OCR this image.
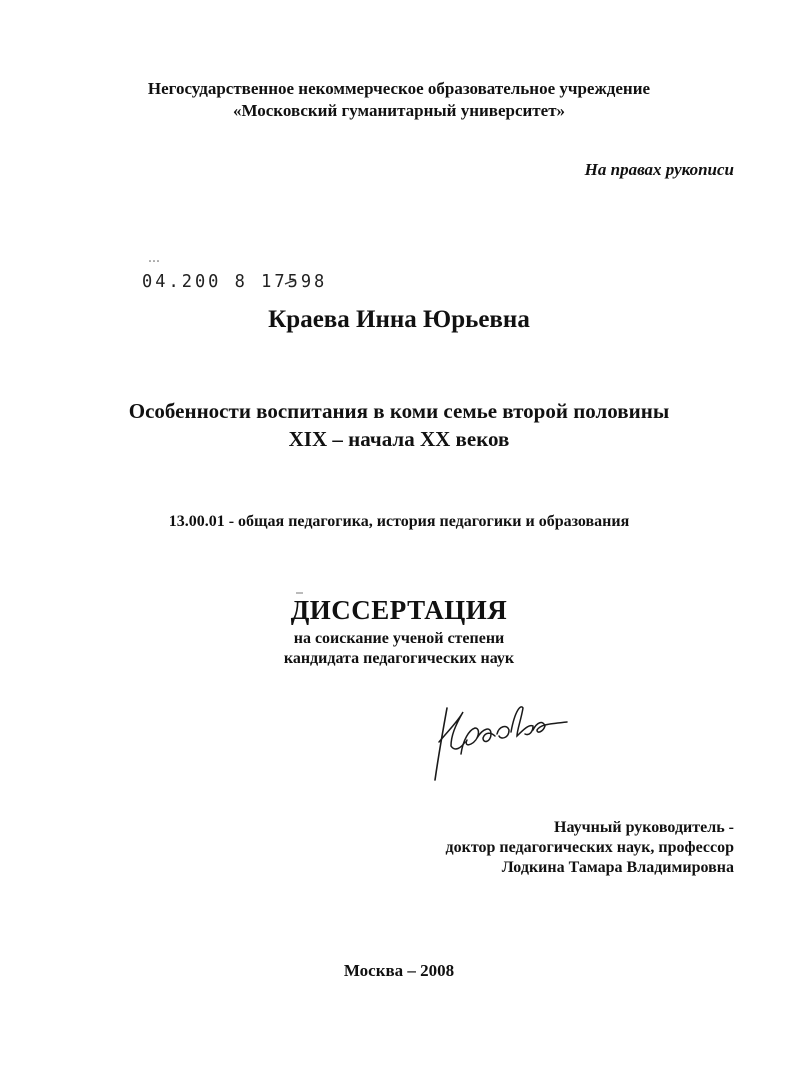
Негосударственное некоммерческое образовательное учреждение
«Московский гуманитарный университет»
На правах рукописи
04.200 8 17598
Краева Инна Юрьевна
Особенности воспитания в коми семье второй половины
XIX – начала XX веков
13.00.01 - общая педагогика, история педагогики и образования
ДИССЕРТАЦИЯ
на соискание ученой степени
кандидата педагогических наук
Научный руководитель -
доктор педагогических наук, профессор
Лодкина Тамара Владимировна
Москва – 2008
